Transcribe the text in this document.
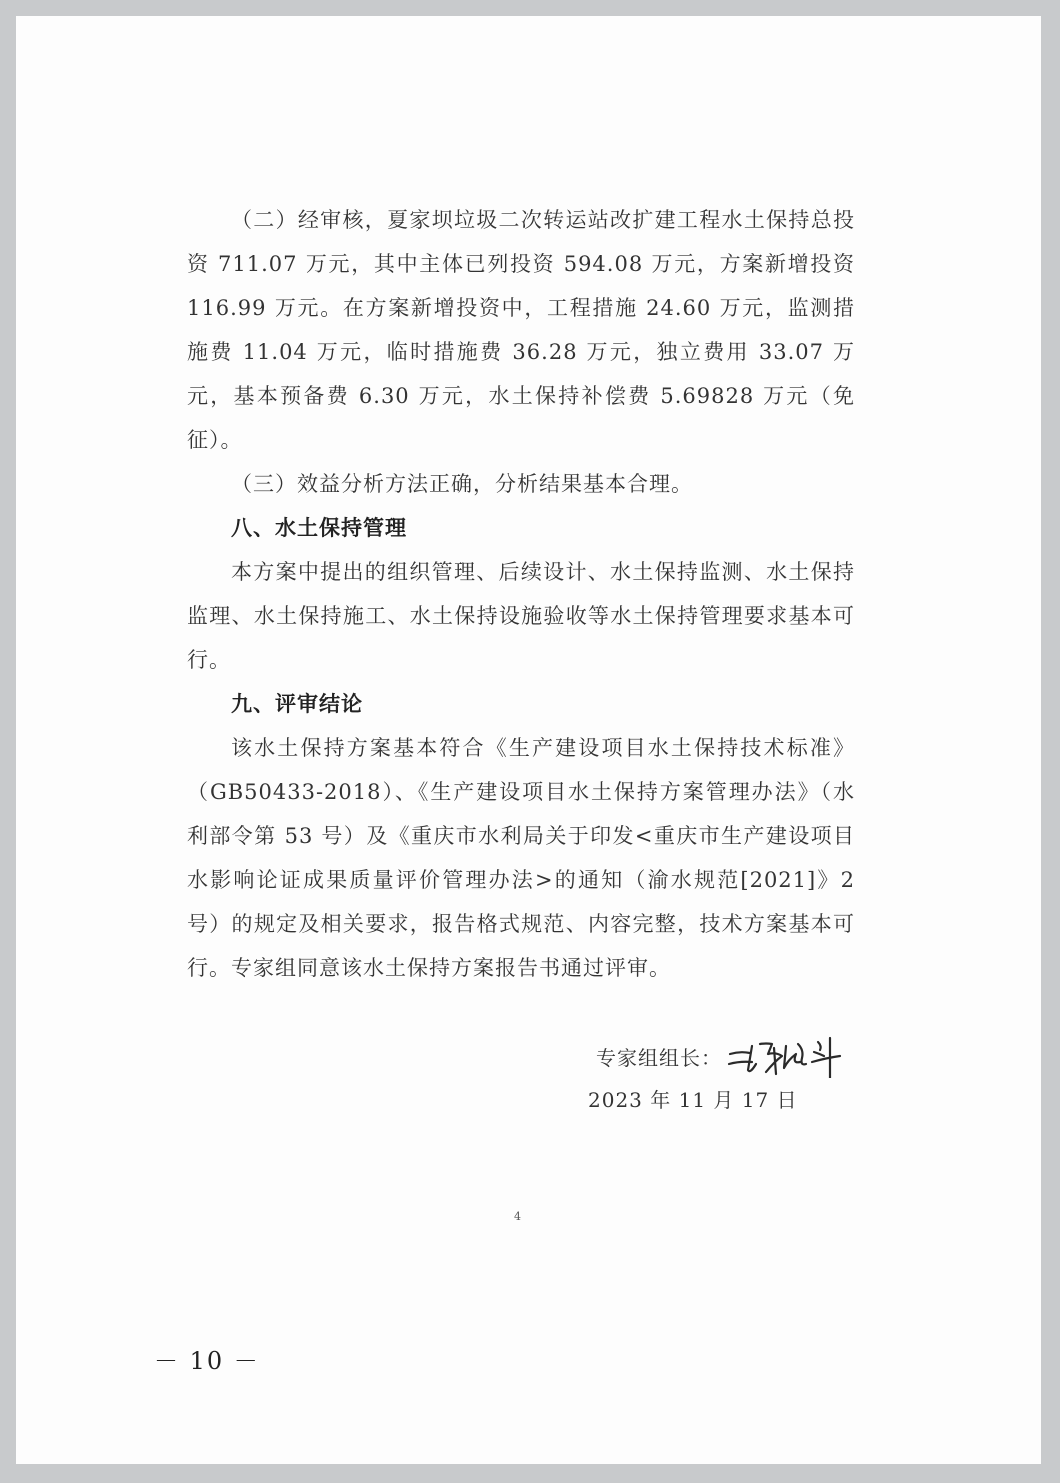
（二）经审核，夏家坝垃圾二次转运站改扩建工程水土保持总投资 711.07 万元，其中主体已列投资 594.08 万元，方案新增投资 116.99 万元。在方案新增投资中，工程措施 24.60 万元，监测措施费 11.04 万元，临时措施费 36.28 万元，独立费用 33.07 万元，基本预备费 6.30 万元，水土保持补偿费 5.69828 万元（免征）。

（三）效益分析方法正确，分析结果基本合理。

八、水土保持管理

本方案中提出的组织管理、后续设计、水土保持监测、水土保持监理、水土保持施工、水土保持设施验收等水土保持管理要求基本可行。

九、评审结论

该水土保持方案基本符合《生产建设项目水土保持技术标准》（GB50433-2018）、《生产建设项目水土保持方案管理办法》（水利部令第 53 号）及《重庆市水利局关于印发<重庆市生产建设项目水影响论证成果质量评价管理办法>的通知（渝水规范[2021]》2 号）的规定及相关要求，报告格式规范、内容完整，技术方案基本可行。专家组同意该水土保持方案报告书通过评审。

专家组组长：
2023 年 11 月 17 日
4
－ 10 －
